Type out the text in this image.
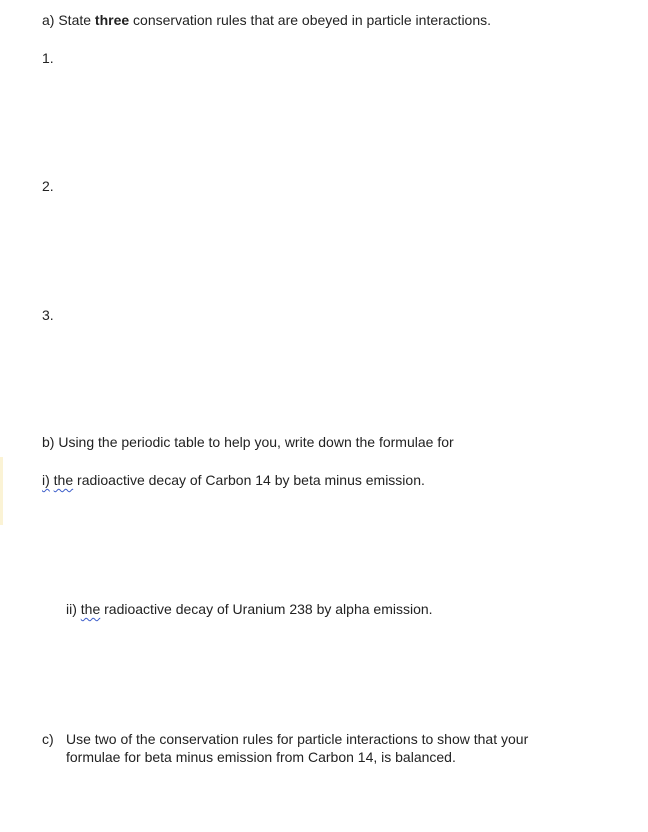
a) State three conservation rules that are obeyed in particle interactions.
1.
2.
3.
b) Using the periodic table to help you, write down the formulae for
i) the radioactive decay of Carbon 14 by beta minus emission.
ii) the radioactive decay of Uranium 238 by alpha emission.
c) Use two of the conservation rules for particle interactions to show that your formulae for beta minus emission from Carbon 14, is balanced.
